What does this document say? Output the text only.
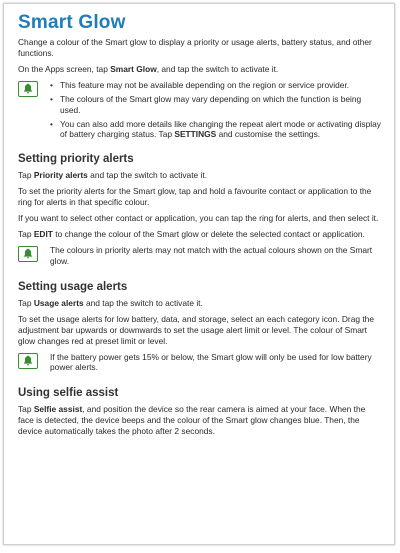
Smart Glow

Change a colour of the Smart glow to display a priority or usage alerts, battery status, and other functions.

On the Apps screen, tap Smart Glow, and tap the switch to activate it.

• This feature may not be available depending on the region or service provider.
• The colours of the Smart glow may vary depending on which the function is being used.
• You can also add more details like changing the repeat alert mode or activating display of battery charging status. Tap SETTINGS and customise the settings.
Setting priority alerts

Tap Priority alerts and tap the switch to activate it.

To set the priority alerts for the Smart glow, tap and hold a favourite contact or application to the ring for alerts in that specific colour.

If you want to select other contact or application, you can tap the ring for alerts, and then select it.

Tap EDIT to change the colour of the Smart glow or delete the selected contact or application.

The colours in priority alerts may not match with the actual colours shown on the Smart glow.

Setting usage alerts

Tap Usage alerts and tap the switch to activate it.

To set the usage alerts for low battery, data, and storage, select an each category icon. Drag the adjustment bar upwards or downwards to set the usage alert limit or level. The colour of Smart glow changes red at preset limit or level.

If the battery power gets 15% or below, the Smart glow will only be used for low battery power alerts.

Using selfie assist

Tap Selfie assist, and position the device so the rear camera is aimed at your face. When the face is detected, the device beeps and the colour of the Smart glow changes blue. Then, the device automatically takes the photo after 2 seconds.
